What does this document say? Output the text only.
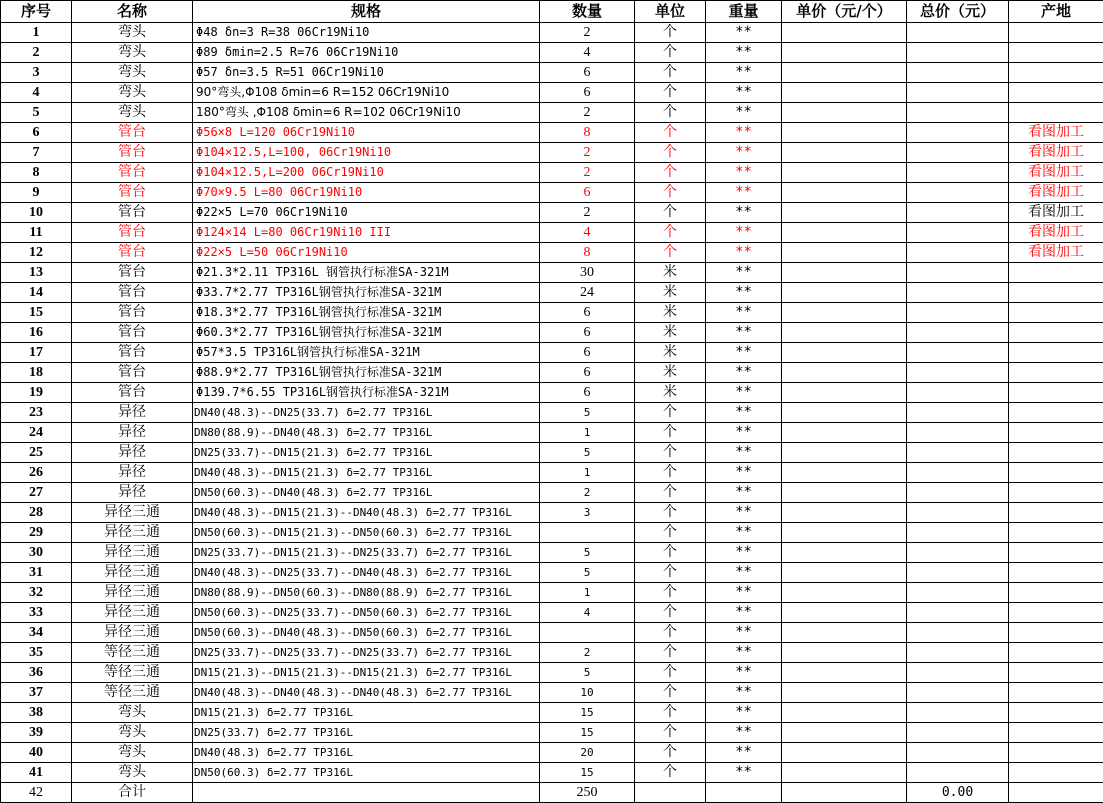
序号	名称	规格	数量	单位	重量	单价（元/个）	总价（元）	产地
1	弯头	Φ48 δn=3 R=38 06Cr19Ni10	2	个	**			
2	弯头	Φ89 δmin=2.5 R=76 06Cr19Ni10	4	个	**			
3	弯头	Φ57 δn=3.5 R=51 06Cr19Ni10	6	个	**			
4	弯头	90°弯头,Φ108 δmin=6 R=152 06Cr19Ni10	6	个	**			
5	弯头	180°弯头 ,Φ108 δmin=6 R=102 06Cr19Ni10	2	个	**			
6	管台	Φ56×8 L=120 06Cr19Ni10	8	个	**			看图加工
7	管台	Φ104×12.5,L=100, 06Cr19Ni10	2	个	**			看图加工
8	管台	Φ104×12.5,L=200 06Cr19Ni10	2	个	**			看图加工
9	管台	Φ70×9.5 L=80 06Cr19Ni10	6	个	**			看图加工
10	管台	Φ22×5 L=70 06Cr19Ni10	2	个	**			看图加工
11	管台	Φ124×14 L=80 06Cr19Ni10 III	4	个	**			看图加工
12	管台	Φ22×5 L=50 06Cr19Ni10	8	个	**			看图加工
13	管台	Φ21.3*2.11 TP316L 钢管执行标准SA-321M	30	米	**			
14	管台	Φ33.7*2.77 TP316L钢管执行标准SA-321M	24	米	**			
15	管台	Φ18.3*2.77 TP316L钢管执行标准SA-321M	6	米	**			
16	管台	Φ60.3*2.77 TP316L钢管执行标准SA-321M	6	米	**			
17	管台	Φ57*3.5 TP316L钢管执行标准SA-321M	6	米	**			
18	管台	Φ88.9*2.77 TP316L钢管执行标准SA-321M	6	米	**			
19	管台	Φ139.7*6.55 TP316L钢管执行标准SA-321M	6	米	**			
23	异径	DN40(48.3)--DN25(33.7) δ=2.77 TP316L	5	个	**			
24	异径	DN80(88.9)--DN40(48.3) δ=2.77 TP316L	1	个	**			
25	异径	DN25(33.7)--DN15(21.3) δ=2.77 TP316L	5	个	**			
26	异径	DN40(48.3)--DN15(21.3) δ=2.77 TP316L	1	个	**			
27	异径	DN50(60.3)--DN40(48.3) δ=2.77 TP316L	2	个	**			
28	异径三通	DN40(48.3)--DN15(21.3)--DN40(48.3) δ=2.77 TP316L	3	个	**			
29	异径三通	DN50(60.3)--DN15(21.3)--DN50(60.3) δ=2.77 TP316L		个	**			
30	异径三通	DN25(33.7)--DN15(21.3)--DN25(33.7) δ=2.77 TP316L	5	个	**			
31	异径三通	DN40(48.3)--DN25(33.7)--DN40(48.3) δ=2.77 TP316L	5	个	**			
32	异径三通	DN80(88.9)--DN50(60.3)--DN80(88.9) δ=2.77 TP316L	1	个	**			
33	异径三通	DN50(60.3)--DN25(33.7)--DN50(60.3) δ=2.77 TP316L	4	个	**			
34	异径三通	DN50(60.3)--DN40(48.3)--DN50(60.3) δ=2.77 TP316L		个	**			
35	等径三通	DN25(33.7)--DN25(33.7)--DN25(33.7) δ=2.77 TP316L	2	个	**			
36	等径三通	DN15(21.3)--DN15(21.3)--DN15(21.3) δ=2.77 TP316L	5	个	**			
37	等径三通	DN40(48.3)--DN40(48.3)--DN40(48.3) δ=2.77 TP316L	10	个	**			
38	弯头	DN15(21.3) δ=2.77 TP316L	15	个	**			
39	弯头	DN25(33.7) δ=2.77 TP316L	15	个	**			
40	弯头	DN40(48.3) δ=2.77 TP316L	20	个	**			
41	弯头	DN50(60.3) δ=2.77 TP316L	15	个	**			
42	合计		250				0.00	
